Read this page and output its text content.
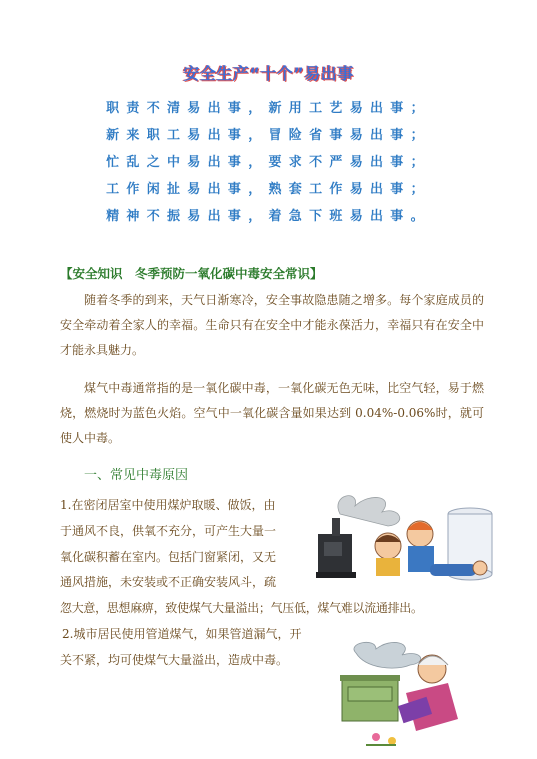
安全生产“十个”易出事
职责不清易出事，新用工艺易出事；
新来职工易出事，冒险省事易出事；
忙乱之中易出事，要求不严易出事；
工作闲扯易出事，熟套工作易出事；
精神不振易出事，着急下班易出事。
【安全知识　冬季预防一氧化碳中毒安全常识】
随着冬季的到来，天气日渐寒冷，安全事故隐患随之增多。每个家庭成员的安全牵动着全家人的幸福。生命只有在安全中才能永葆活力，幸福只有在安全中才能永具魅力。
煤气中毒通常指的是一氧化碳中毒，一氧化碳无色无味，比空气轻，易于燃烧，燃烧时为蓝色火焰。空气中一氧化碳含量如果达到 0.04%-0.06%时，就可使人中毒。
一、常见中毒原因
1.在密闭居室中使用煤炉取暖、做饭，由
于通风不良，供氧不充分，可产生大量一
氧化碳积蓄在室内。包括门窗紧闭，又无
通风措施，未安装或不正确安装风斗，疏
忽大意，思想麻痹，致使煤气大量溢出；气压低，煤气难以流通排出。
2.城市居民使用管道煤气，如果管道漏气，开
关不紧，均可使煤气大量溢出，造成中毒。
